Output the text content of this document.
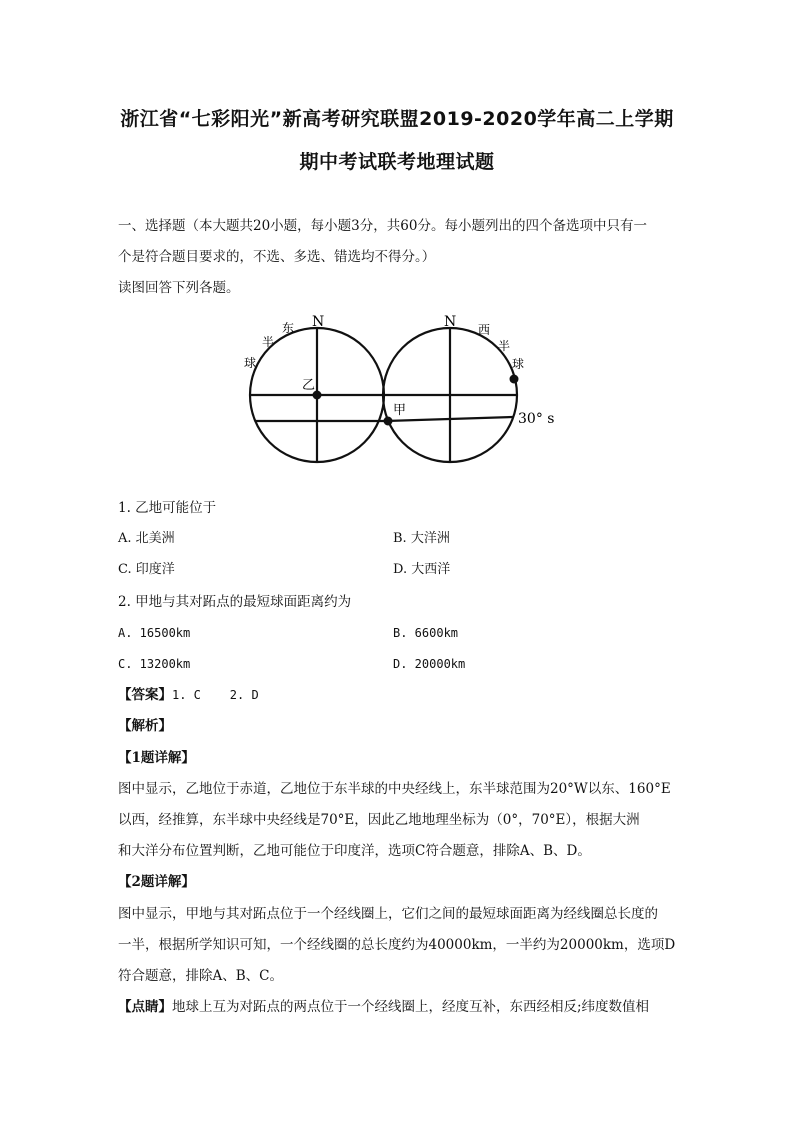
浙江省“七彩阳光”新高考研究联盟2019-2020学年高二上学期
期中考试联考地理试题
一、选择题（本大题共20小题，每小题3分，共60分。每小题列出的四个备选项中只有一
个是符合题目要求的，不选、多选、错选均不得分。）
读图回答下列各题。
N
东
半
球
乙
N 西
半
球
甲
30° s
1. 乙地可能位于
A. 北美洲	B. 大洋洲
C. 印度洋	D. 大西洋
2. 甲地与其对跖点的最短球面距离约为
A. 16500km	B. 6600km
C. 13200km	D. 20000km
【答案】1. C    2. D
【解析】
【1题详解】
图中显示，乙地位于赤道，乙地位于东半球的中央经线上，东半球范围为20°W以东、160°E
以西，经推算，东半球中央经线是70°E，因此乙地地理坐标为（0°，70°E），根据大洲
和大洋分布位置判断，乙地可能位于印度洋，选项C符合题意，排除A、B、D。
【2题详解】
图中显示，甲地与其对跖点位于一个经线圈上，它们之间的最短球面距离为经线圈总长度的
一半，根据所学知识可知，一个经线圈的总长度约为40000km，一半约为20000km，选项D
符合题意，排除A、B、C。
【点睛】地球上互为对跖点的两点位于一个经线圈上，经度互补，东西经相反;纬度数值相
